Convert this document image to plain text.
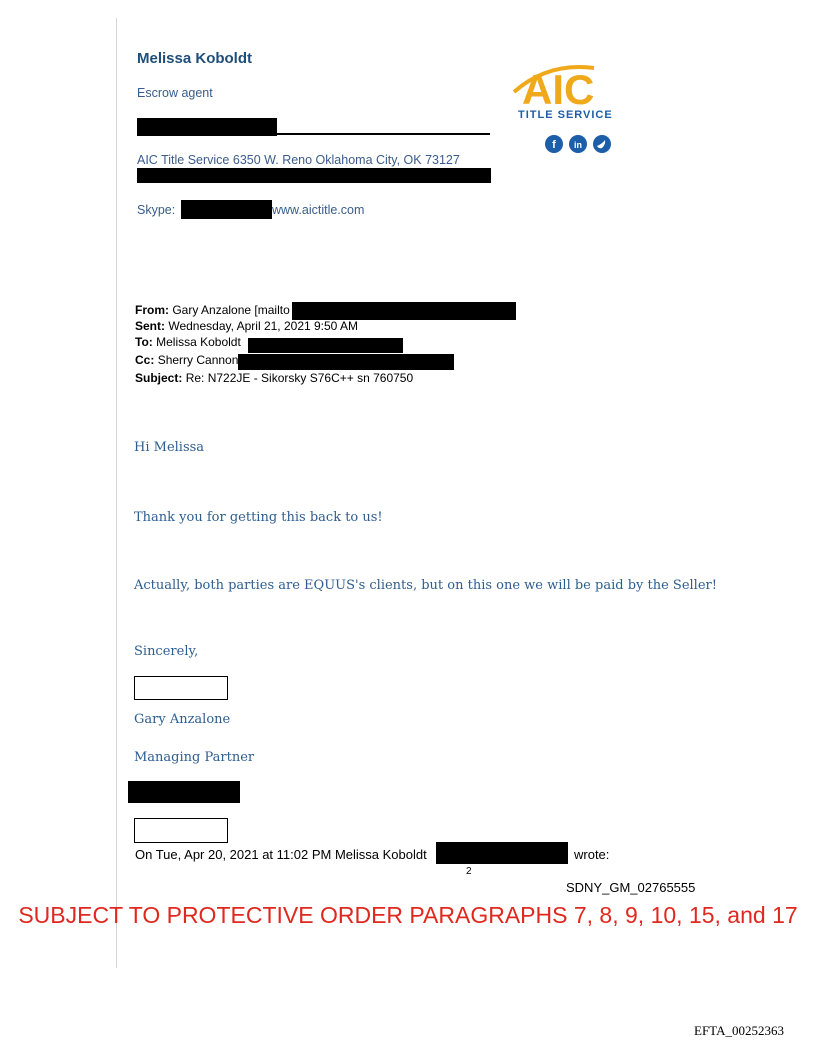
Melissa Koboldt
Escrow agent
AIC Title Service 6350 W. Reno Oklahoma City, OK 73127
Skype:	www.aictitle.com
AIC
TITLE SERVICE
f in
From: Gary Anzalone [mailto
Sent: Wednesday, April 21, 2021 9:50 AM
To: Melissa Koboldt
Cc: Sherry Cannon
Subject: Re: N722JE - Sikorsky S76C++ sn 760750
Hi Melissa
Thank you for getting this back to us!
Actually, both parties are EQUUS's clients, but on this one we will be paid by the Seller!
Sincerely,
Gary Anzalone
Managing Partner
On Tue, Apr 20, 2021 at 11:02 PM Melissa Koboldt	wrote:
2
SDNY_GM_02765555
SUBJECT TO PROTECTIVE ORDER PARAGRAPHS 7, 8, 9, 10, 15, and 17
EFTA_00252363
